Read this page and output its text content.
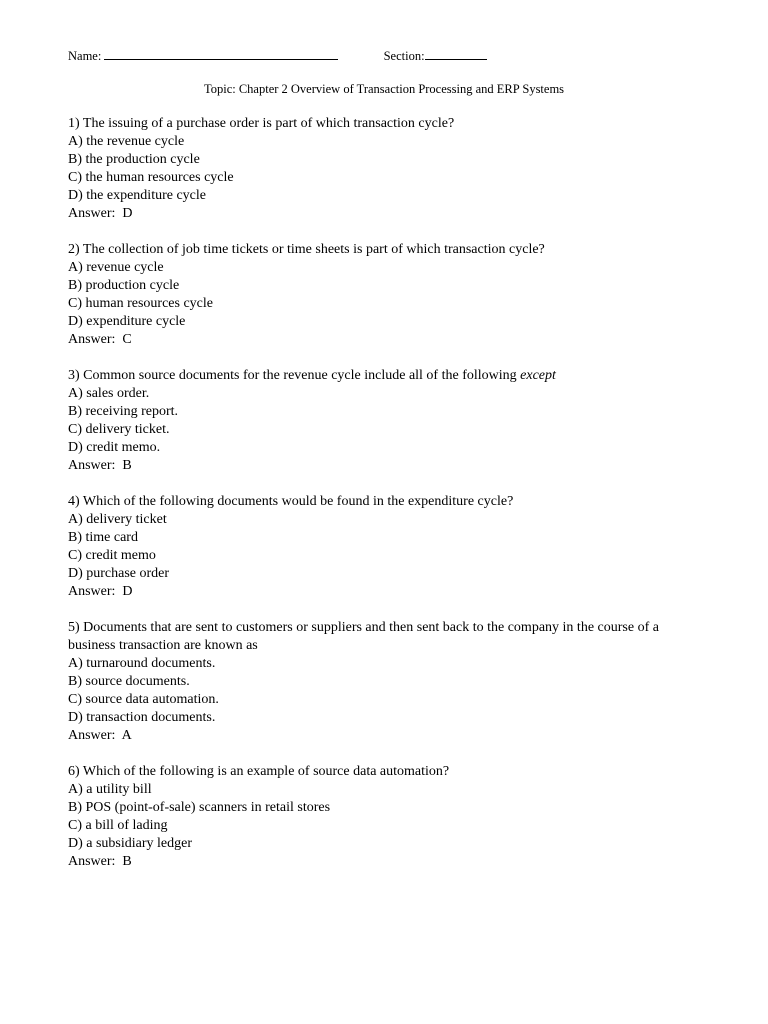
Name:	Section:
Topic: Chapter 2 Overview of Transaction Processing and ERP Systems
1) The issuing of a purchase order is part of which transaction cycle?
A) the revenue cycle
B) the production cycle
C) the human resources cycle
D) the expenditure cycle
Answer:  D
2) The collection of job time tickets or time sheets is part of which transaction cycle?
A) revenue cycle
B) production cycle
C) human resources cycle
D) expenditure cycle
Answer:  C
3) Common source documents for the revenue cycle include all of the following except
A) sales order.
B) receiving report.
C) delivery ticket.
D) credit memo.
Answer:  B
4) Which of the following documents would be found in the expenditure cycle?
A) delivery ticket
B) time card
C) credit memo
D) purchase order
Answer:  D
5) Documents that are sent to customers or suppliers and then sent back to the company in the course of a business transaction are known as
A) turnaround documents.
B) source documents.
C) source data automation.
D) transaction documents.
Answer:  A
6) Which of the following is an example of source data automation?
A) a utility bill
B) POS (point-of-sale) scanners in retail stores
C) a bill of lading
D) a subsidiary ledger
Answer:  B
